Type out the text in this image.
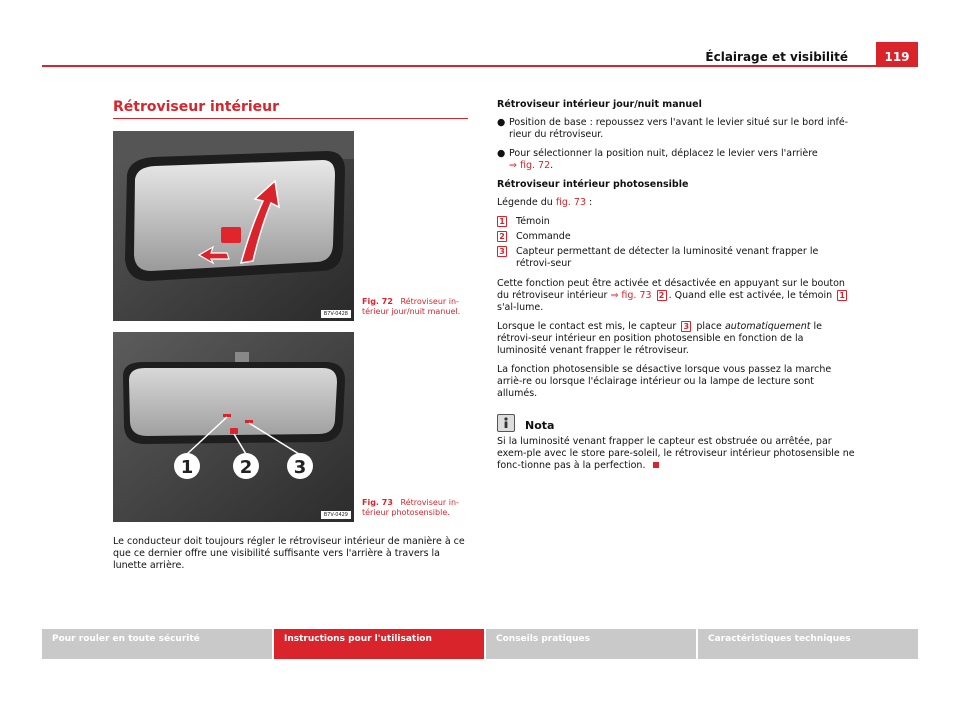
Éclairage et visibilité	119
Rétroviseur intérieur
B7V-0428
Fig. 72 Rétroviseur in-térieur jour/nuit manuel.
1	2 3
B7V-0429
Fig. 73 Rétroviseur in-térieur photosensible.
Le conducteur doit toujours régler le rétroviseur intérieur de manière à ce que ce dernier offre une visibilité suffisante vers l'arrière à travers la lunette arrière.
Rétroviseur intérieur jour/nuit manuel
● Position de base : repoussez vers l'avant le levier situé sur le bord infé-rieur du rétroviseur.
● Pour sélectionner la position nuit, déplacez le levier vers l'arrière
⇒ fig. 72.
Rétroviseur intérieur photosensible

Légende du fig. 73 :

1 Témoin
2 Commande
3 Capteur permettant de détecter la luminosité venant frapper le rétrovi-seur

Cette fonction peut être activée et désactivée en appuyant sur le bouton du rétroviseur intérieur ⇒ fig. 73 2 . Quand elle est activée, le témoin 1 s'al-lume.

Lorsque le contact est mis, le capteur 3 place automatiquement le rétrovi-seur intérieur en position photosensible en fonction de la luminosité venant frapper le rétroviseur.

La fonction photosensible se désactive lorsque vous passez la marche arriè-re ou lorsque l'éclairage intérieur ou la lampe de lecture sont allumés.

Nota

Si la luminosité venant frapper le capteur est obstruée ou arrêtée, par exem-ple avec le store pare-soleil, le rétroviseur intérieur photosensible ne fonc-tionne pas à la perfection.

Pour rouler en toute sécurité	Instructions pour l'utilisation	Conseils pratiques	Caractéristiques techniques
